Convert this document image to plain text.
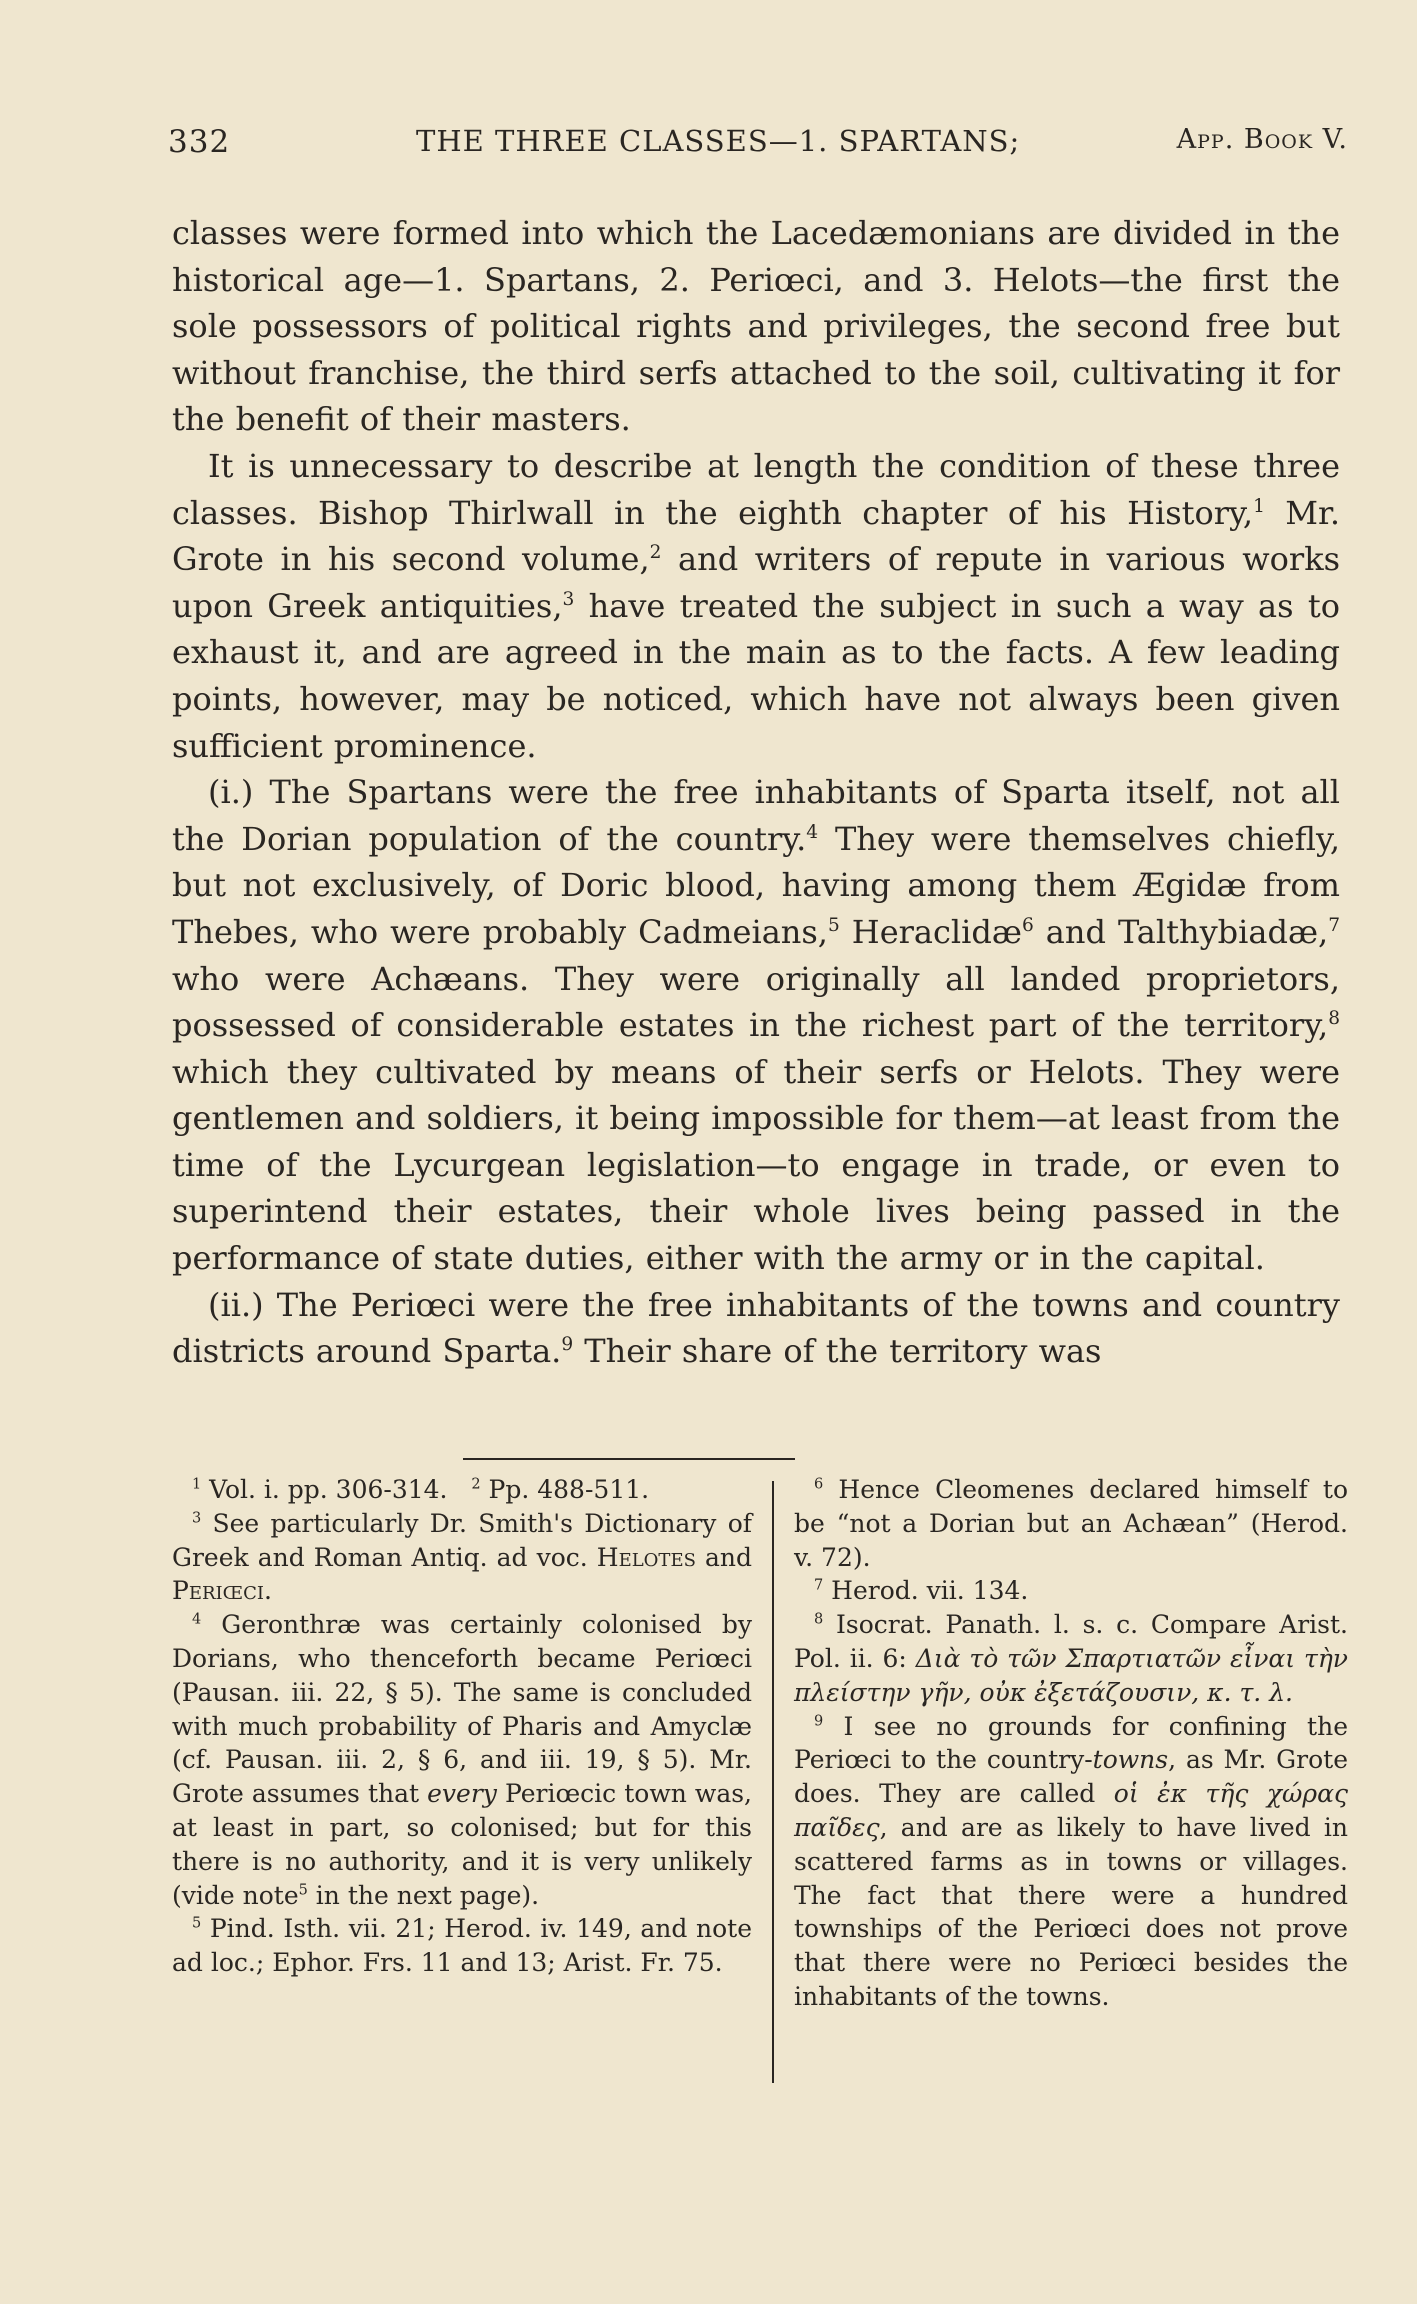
332	THE THREE CLASSES—1. SPARTANS;	App. Book V.

classes were formed into which the Lacedæmonians are divided in the historical age—1. Spartans, 2. Periœci, and 3. Helots—the first the sole possessors of political rights and privileges, the second free but without franchise, the third serfs attached to the soil, cultivating it for the benefit of their masters.

It is unnecessary to describe at length the condition of these three classes. Bishop Thirlwall in the eighth chapter of his History,$^1$ Mr. Grote in his second volume,$^2$ and writers of repute in various works upon Greek antiquities,$^3$ have treated the subject in such a way as to exhaust it, and are agreed in the main as to the facts. A few leading points, however, may be noticed, which have not always been given sufficient prominence.

(i.) The Spartans were the free inhabitants of Sparta itself, not all the Dorian population of the country.$^4$ They were themselves chiefly, but not exclusively, of Doric blood, having among them Ægidæ from Thebes, who were probably Cadmeians,$^5$ Heraclidæ$^6$ and Talthybiadæ,$^7$ who were Achæans. They were originally all landed proprietors, possessed of considerable estates in the richest part of the territory,$^8$ which they cultivated by means of their serfs or Helots. They were gentlemen and soldiers, it being impossible for them—at least from the time of the Lycurgean legislation—to engage in trade, or even to superintend their estates, their whole lives being passed in the performance of state duties, either with the army or in the capital.

(ii.) The Periœci were the free inhabitants of the towns and country districts around Sparta.$^9$ Their share of the territory was

$^1$ Vol. i. pp. 306-314. $^2$ Pp. 488-511.

$^3$ See particularly Dr. Smith's Dictionary of Greek and Roman Antiq. ad voc. Helotes and Periœci.

$^4$ Geronthræ was certainly colonised by Dorians, who thenceforth became Periœci (Pausan. iii. 22, § 5). The same is concluded with much probability of Pharis and Amyclæ (cf. Pausan. iii. 2, § 6, and iii. 19, § 5). Mr. Grote assumes that every Periœcic town was, at least in part, so colonised; but for this there is no authority, and it is very unlikely (vide note$^5$ in the next page).

$^5$ Pind. Isth. vii. 21; Herod. iv. 149, and note ad loc.; Ephor. Frs. 11 and 13; Arist. Fr. 75.

$^6$ Hence Cleomenes declared himself to be “not a Dorian but an Achæan” (Herod. v. 72).

$^7$ Herod. vii. 134.

$^8$ Isocrat. Panath. l. s. c. Compare Arist. Pol. ii. 6: Διὰ τὸ τῶν Σπαρτιατῶν εἶναι τὴν πλείστην γῆν, οὐκ ἐξετάζουσιν, κ. τ. λ.

$^9$ I see no grounds for confining the Periœci to the country-towns, as Mr. Grote does. They are called οἱ ἐκ τῆς χώρας παῖδες, and are as likely to have lived in scattered farms as in towns or villages. The fact that there were a hundred townships of the Periœci does not prove that there were no Periœci besides the inhabitants of the towns.
